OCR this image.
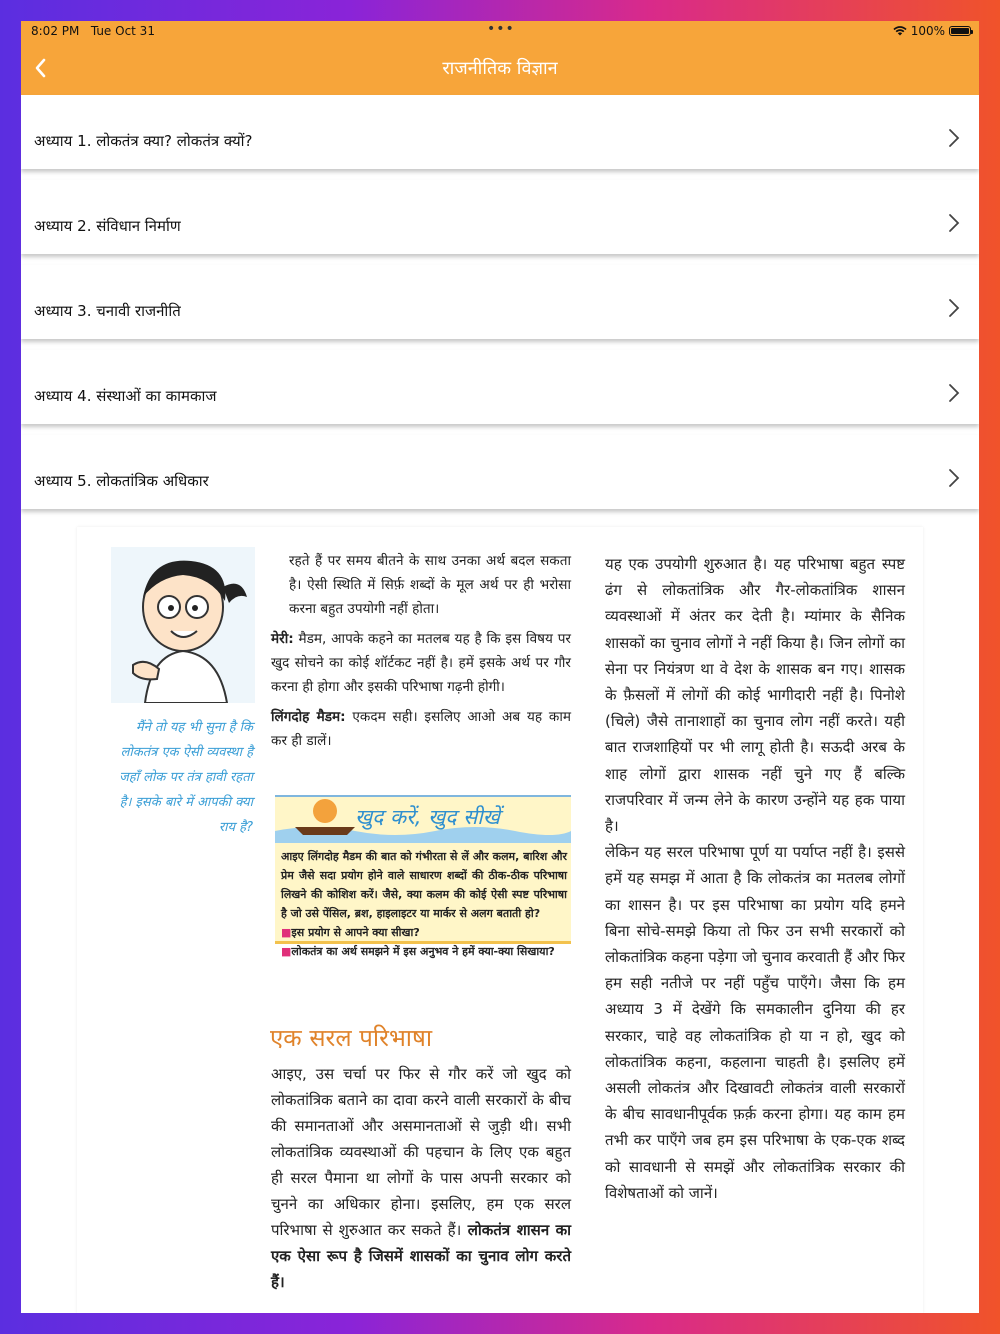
8:02 PM Tue Oct 31	•••	100%
राजनीतिक विज्ञान
अध्याय 1. लोकतंत्र क्या? लोकतंत्र क्यों?
अध्याय 2. संविधान निर्माण
अध्याय 3. चनावी राजनीति
अध्याय 4. संस्थाओं का कामकाज
अध्याय 5. लोकतांत्रिक अधिकार
मैंने तो यह भी सुना है कि लोकतंत्र एक ऐसी व्यवस्था है जहाँ लोक पर तंत्र हावी रहता है। इसके बारे में आपकी क्या राय है?

रहते हैं पर समय बीतने के साथ उनका अर्थ बदल सकता है। ऐसी स्थिति में सिर्फ़ शब्दों के मूल अर्थ पर ही भरोसा करना बहुत उपयोगी नहीं होता।

मेरी: मैडम, आपके कहने का मतलब यह है कि इस विषय पर खुद सोचने का कोई शॉर्टकट नहीं है। हमें इसके अर्थ पर गौर करना ही होगा और इसकी परिभाषा गढ़नी होगी।

लिंगदोह मैडम: एकदम सही। इसलिए आओ अब यह काम कर ही डालें।

खुद करें, खुद सीखें
आइए लिंगदोह मैडम की बात को गंभीरता से लें और कलम, बारिश और प्रेम जैसे सदा प्रयोग होने वाले साधारण शब्दों की ठीक-ठीक परिभाषा लिखने की कोशिश करें। जैसे, क्या कलम की कोई ऐसी स्पष्ट परिभाषा है जो उसे पेंसिल, ब्रश, हाइलाइटर या मार्कर से अलग बताती हो?
■ इस प्रयोग से आपने क्या सीखा?
■ लोकतंत्र का अर्थ समझने में इस अनुभव ने हमें क्या-क्या सिखाया?
एक सरल परिभाषा
आइए, उस चर्चा पर फिर से गौर करें जो खुद को लोकतांत्रिक बताने का दावा करने वाली सरकारों के बीच की समानताओं और असमानताओं से जुड़ी थी। सभी लोकतांत्रिक व्यवस्थाओं की पहचान के लिए एक बहुत ही सरल पैमाना था लोगों के पास अपनी सरकार को चुनने का अधिकार होना। इसलिए, हम एक सरल परिभाषा से शुरुआत कर सकते हैं। लोकतंत्र शासन का एक ऐसा रूप है जिसमें शासकों का चुनाव लोग करते हैं।

यह एक उपयोगी शुरुआत है। यह परिभाषा बहुत स्पष्ट ढंग से लोकतांत्रिक और गैर-लोकतांत्रिक शासन व्यवस्थाओं में अंतर कर देती है। म्यांमार के सैनिक शासकों का चुनाव लोगों ने नहीं किया है। जिन लोगों का सेना पर नियंत्रण था वे देश के शासक बन गए। शासक के फ़ैसलों में लोगों की कोई भागीदारी नहीं है। पिनोशे (चिले) जैसे तानाशाहों का चुनाव लोग नहीं करते। यही बात राजशाहियों पर भी लागू होती है। सऊदी अरब के शाह लोगों द्वारा शासक नहीं चुने गए हैं बल्कि राजपरिवार में जन्म लेने के कारण उन्होंने यह हक पाया है।

लेकिन यह सरल परिभाषा पूर्ण या पर्याप्त नहीं है। इससे हमें यह समझ में आता है कि लोकतंत्र का मतलब लोगों का शासन है। पर इस परिभाषा का प्रयोग यदि हमने बिना सोचे-समझे किया तो फिर उन सभी सरकारों को लोकतांत्रिक कहना पड़ेगा जो चुनाव करवाती हैं और फिर हम सही नतीजे पर नहीं पहुँच पाएँगे। जैसा कि हम अध्याय 3 में देखेंगे कि समकालीन दुनिया की हर सरकार, चाहे वह लोकतांत्रिक हो या न हो, खुद को लोकतांत्रिक कहना, कहलाना चाहती है। इसलिए हमें असली लोकतंत्र और दिखावटी लोकतंत्र वाली सरकारों के बीच सावधानीपूर्वक फ़र्क़ करना होगा। यह काम हम तभी कर पाएँगे जब हम इस परिभाषा के एक-एक शब्द को सावधानी से समझें और लोकतांत्रिक सरकार की विशेषताओं को जानें।
